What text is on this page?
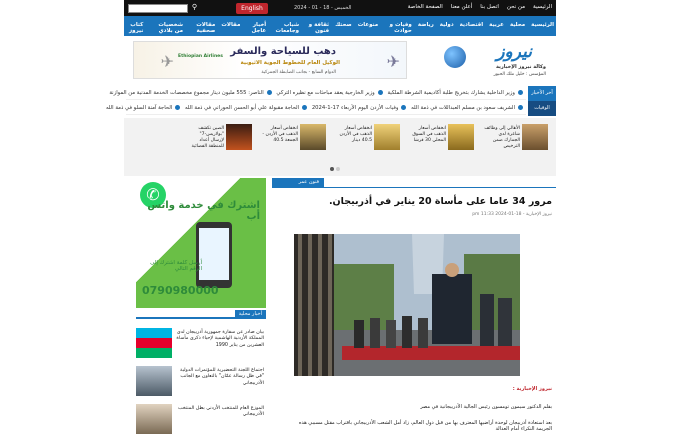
الرئيسية
من نحن
اتصل بنا
أعلن معنا
الصفحة الخاصة
الخميس - 18 - 01 - 2024
English
⚲
الرئيسية
محلية
عربية
اقتصادية
دولية
رياضة
وفيات و حوادث
منوعات
صحتك
ثقافة و فنون
شباب وجامعات
أخبار عاجل
مقالات
مقالات صحفية
شخصيات من بلادي
كتاب نيروز
✈
دهب للسياحة والسفر
الوكيل العام للخطوط الجوية الاثيوبية
الدوام السابع - بجانب الضابطة الجمركية
✈ Ethiopian Airlines	نيروز
وكالة نيروز الإخبارية
المؤسس : خليل ملك الحبور
آخر الأخبار
الوفيات
وزير الداخلية يشارك بتخريج طلبة أكاديمية الشرطة الملكية وزير الخارجية يعقد مباحثات مع نظيره التركي الناصر: 555 مليون دينار مجموع مخصصات الخدمة المدنية من الموازنة
الشريف سعود بن مسلم العبداللات في ذمة الله وفيات الأردن اليوم الأربعاء 17-1-2024 الحاجة مقبولة علي أبو الحسن الحوراني في ذمة الله الحاجة آمنة السلو في ذمة الله
الأهالي إلى وظائف شاغرة لدى الجمارك ضمن الترخيص
انخفاض أسعار الذهب في السوق المحلي 30 قرشا
انخفاض أسعار الذهب في الأردن 40.5 دينار
انخفاض أسعار الذهب في الأردن - الجمعة 40.5
الصين تكشف "بولاريس-7" لإرسال أعداد للمنطقة الفضائية
✆
اشترك في خدمة واتس أب
أرسل كلمة اشترك إلى الرقم التالي
0790980000
أخبار محلية
بيان صادر عن سفارة جمهورية أذربيجان لدى المملكة الأردنية الهاشمية لإحياء ذكرى مأساة العشرين من يناير 1990
اجتماع اللجنة التحضيرية للمؤتمرات الدولية "في ظل رسالة عمّان" بالتعاون مع الجانب الأذربيجاني
الموزع العام للمنتخب الأردني بطل المنتخب الأذربيجاني
فنون عمر العرموطي
مرور 34 عاما على مأساة 20 يناير في أذربيجان.
نيروز الإخبارية - 18-01-2024 11:33 pm
نيروز الإخبارية :
بقلم الدكتور سيمون تومسون رئيس الجالية الأذربيجانية في مصر
بعد استعادة أذربيجان لوحدة أراضيها المعترف بها من قبل دول العالم، زاد أمل الشعب الأذربيجاني باقتراب مقتل مسببي هذه الجريمة النكراء أمام العدالة
